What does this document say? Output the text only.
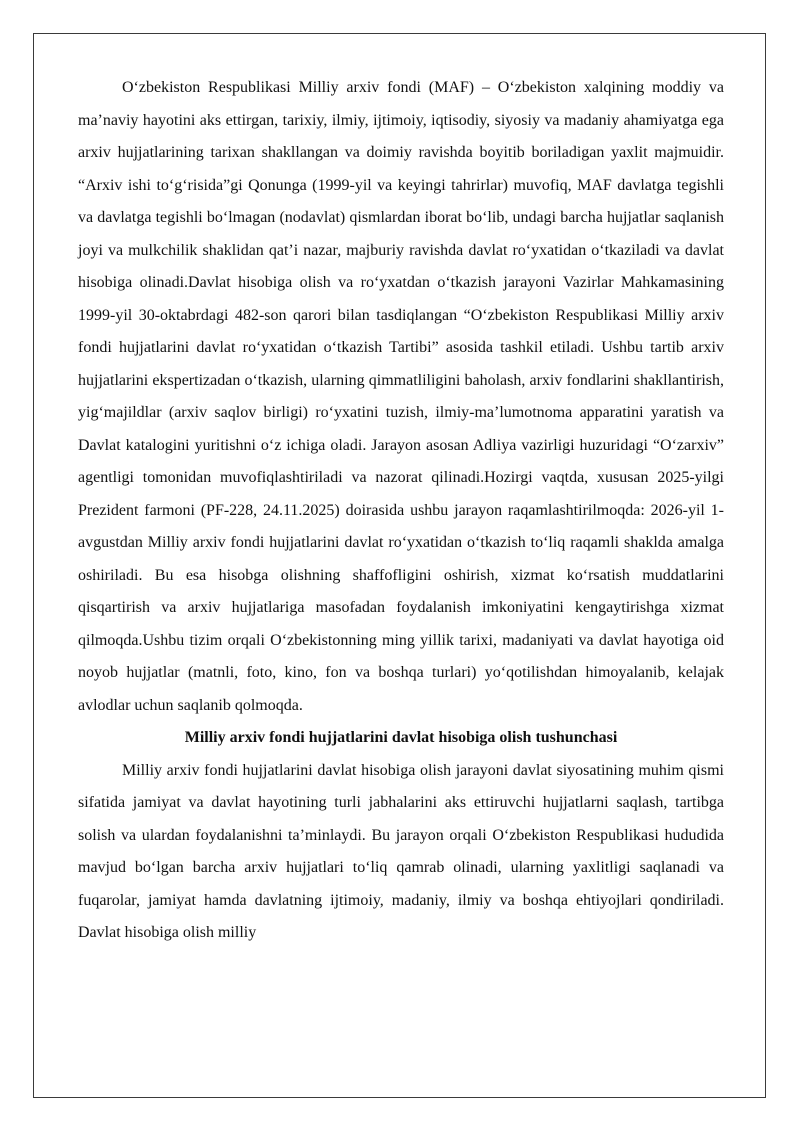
O‘zbekiston Respublikasi Milliy arxiv fondi (MAF) – O‘zbekiston xalqining moddiy va ma’naviy hayotini aks ettirgan, tarixiy, ilmiy, ijtimoiy, iqtisodiy, siyosiy va madaniy ahamiyatga ega arxiv hujjatlarining tarixan shakllangan va doimiy ravishda boyitib boriladigan yaxlit majmuidir. “Arxiv ishi to‘g‘risida”gi Qonunga (1999-yil va keyingi tahrirlar) muvofiq, MAF davlatga tegishli va davlatga tegishli bo‘lmagan (nodavlat) qismlardan iborat bo‘lib, undagi barcha hujjatlar saqlanish joyi va mulkchilik shaklidan qat’i nazar, majburiy ravishda davlat ro‘yxatidan o‘tkaziladi va davlat hisobiga olinadi.Davlat hisobiga olish va ro‘yxatdan o‘tkazish jarayoni Vazirlar Mahkamasining 1999-yil 30-oktabrdagi 482-son qarori bilan tasdiqlangan “O‘zbekiston Respublikasi Milliy arxiv fondi hujjatlarini davlat ro‘yxatidan o‘tkazish Tartibi” asosida tashkil etiladi. Ushbu tartib arxiv hujjatlarini ekspertizadan o‘tkazish, ularning qimmatliligini baholash, arxiv fondlarini shakllantirish, yig‘majildlar (arxiv saqlov birligi) ro‘yxatini tuzish, ilmiy-ma’lumotnoma apparatini yaratish va Davlat katalogini yuritishni o‘z ichiga oladi. Jarayon asosan Adliya vazirligi huzuridagi “O‘zarxiv” agentligi tomonidan muvofiqlashtiriladi va nazorat qilinadi.Hozirgi vaqtda, xususan 2025-yilgi Prezident farmoni (PF-228, 24.11.2025) doirasida ushbu jarayon raqamlashtirilmoqda: 2026-yil 1-avgustdan Milliy arxiv fondi hujjatlarini davlat ro‘yxatidan o‘tkazish to‘liq raqamli shaklda amalga oshiriladi. Bu esa hisobga olishning shaffofligini oshirish, xizmat ko‘rsatish muddatlarini qisqartirish va arxiv hujjatlariga masofadan foydalanish imkoniyatini kengaytirishga xizmat qilmoqda.Ushbu tizim orqali O‘zbekistonning ming yillik tarixi, madaniyati va davlat hayotiga oid noyob hujjatlar (matnli, foto, kino, fon va boshqa turlari) yo‘qotilishdan himoyalanib, kelajak avlodlar uchun saqlanib qolmoqda.

Milliy arxiv fondi hujjatlarini davlat hisobiga olish tushunchasi

Milliy arxiv fondi hujjatlarini davlat hisobiga olish jarayoni davlat siyosatining muhim qismi sifatida jamiyat va davlat hayotining turli jabhalarini aks ettiruvchi hujjatlarni saqlash, tartibga solish va ulardan foydalanishni ta’minlaydi. Bu jarayon orqali O‘zbekiston Respublikasi hududida mavjud bo‘lgan barcha arxiv hujjatlari to‘liq qamrab olinadi, ularning yaxlitligi saqlanadi va fuqarolar, jamiyat hamda davlatning ijtimoiy, madaniy, ilmiy va boshqa ehtiyojlari qondiriladi. Davlat hisobiga olish milliy
